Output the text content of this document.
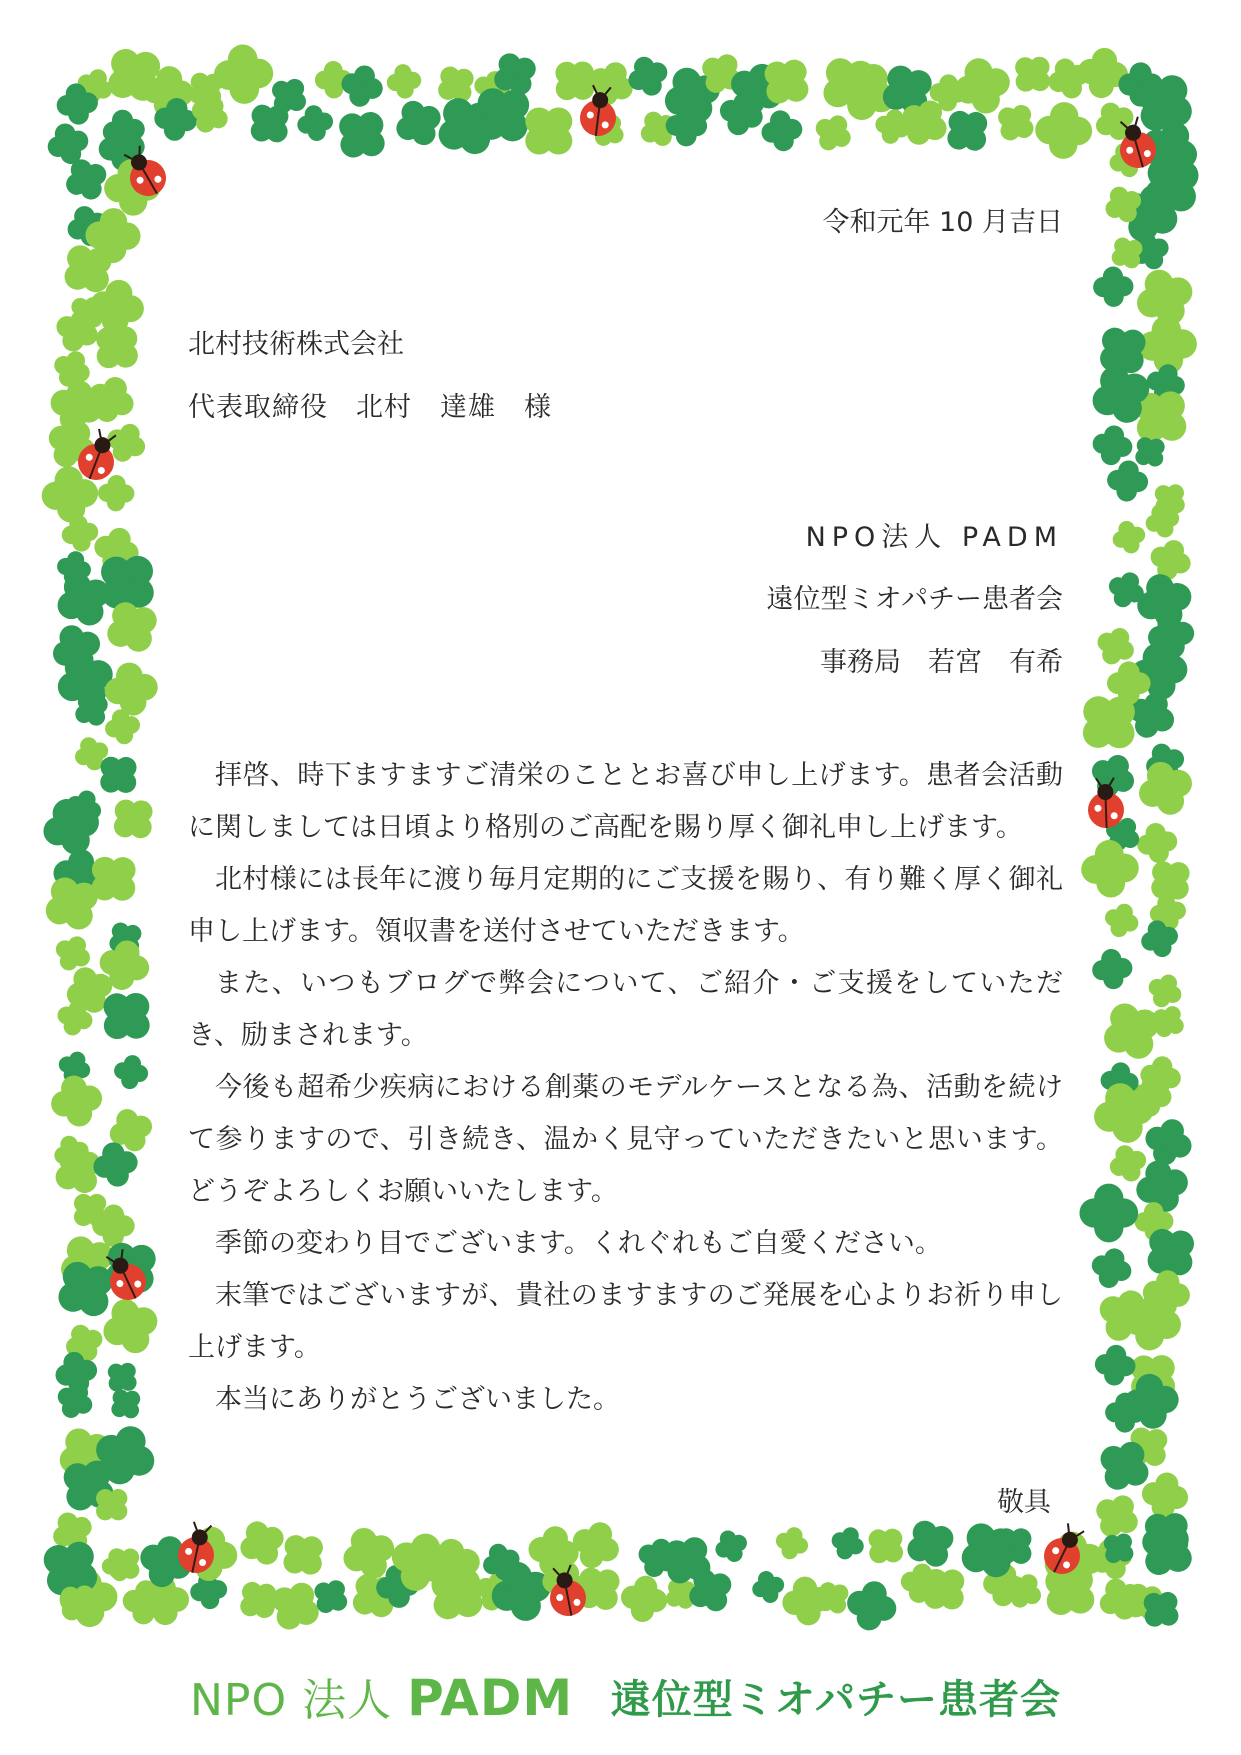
令和元年 10 月吉日
北村技術株式会社
代表取締役　北村　達雄　様
NPO法人 PADM
遠位型ミオパチー患者会
事務局　若宮　有希

拝啓、時下ますますご清栄のこととお喜び申し上げます。患者会活動に関しましては日頃より格別のご高配を賜り厚く御礼申し上げます。

北村様には長年に渡り毎月定期的にご支援を賜り、有り難く厚く御礼申し上げます。領収書を送付させていただきます。

また、いつもブログで弊会について、ご紹介・ご支援をしていただき、励まされます。

今後も超希少疾病における創薬のモデルケースとなる為、活動を続けて参りますので、引き続き、温かく見守っていただきたいと思います。どうぞよろしくお願いいたします。

季節の変わり目でございます。くれぐれもご自愛ください。

末筆ではございますが、貴社のますますのご発展を心よりお祈り申し上げます。

本当にありがとうございました。

敬具
NPO 法人 PADM 遠位型ミオパチー患者会
